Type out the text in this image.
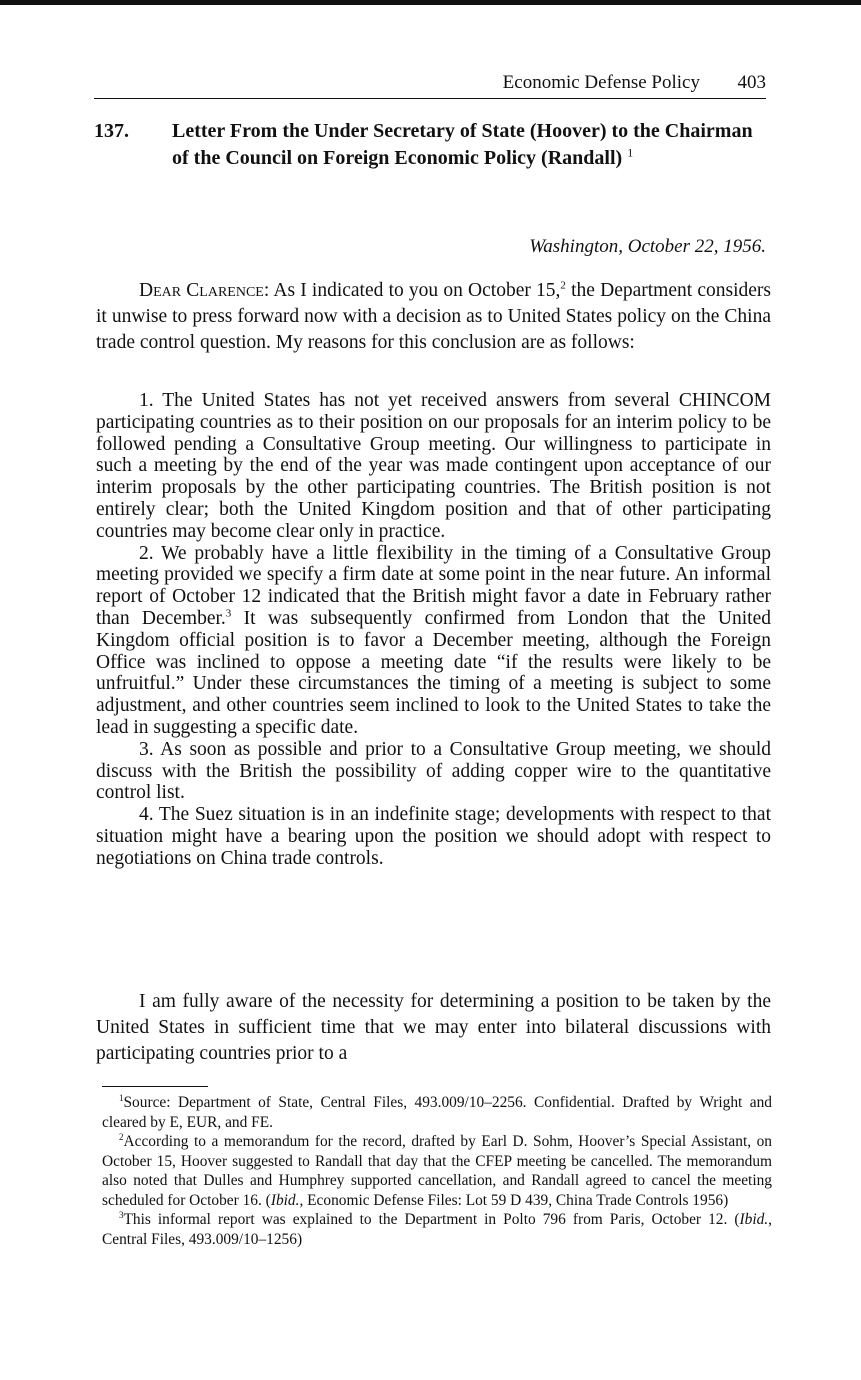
Economic Defense Policy 403
137. Letter From the Under Secretary of State (Hoover) to the Chairman of the Council on Foreign Economic Policy (Randall) $^1$
Washington, October 22, 1956.
Dear Clarence: As I indicated to you on October 15,$^2$ the Department considers it unwise to press forward now with a decision as to United States policy on the China trade control question. My reasons for this conclusion are as follows:

1. The United States has not yet received answers from several CHINCOM participating countries as to their position on our proposals for an interim policy to be followed pending a Consultative Group meeting. Our willingness to participate in such a meeting by the end of the year was made contingent upon acceptance of our interim proposals by the other participating countries. The British position is not entirely clear; both the United Kingdom position and that of other participating countries may become clear only in practice.

2. We probably have a little flexibility in the timing of a Consultative Group meeting provided we specify a firm date at some point in the near future. An informal report of October 12 indicated that the British might favor a date in February rather than December.$^3$ It was subsequently confirmed from London that the United Kingdom official position is to favor a December meeting, although the Foreign Office was inclined to oppose a meeting date “if the results were likely to be unfruitful.” Under these circumstances the timing of a meeting is subject to some adjustment, and other countries seem inclined to look to the United States to take the lead in suggesting a specific date.

3. As soon as possible and prior to a Consultative Group meeting, we should discuss with the British the possibility of adding copper wire to the quantitative control list.

4. The Suez situation is in an indefinite stage; developments with respect to that situation might have a bearing upon the position we should adopt with respect to negotiations on China trade controls.

I am fully aware of the necessity for determining a position to be taken by the United States in sufficient time that we may enter into bilateral discussions with participating countries prior to a

$^1$Source: Department of State, Central Files, 493.009/10–2256. Confidential. Drafted by Wright and cleared by E, EUR, and FE.

$^2$According to a memorandum for the record, drafted by Earl D. Sohm, Hoover’s Special Assistant, on October 15, Hoover suggested to Randall that day that the CFEP meeting be cancelled. The memorandum also noted that Dulles and Humphrey supported cancellation, and Randall agreed to cancel the meeting scheduled for October 16. (Ibid., Economic Defense Files: Lot 59 D 439, China Trade Controls 1956)

$^3$This informal report was explained to the Department in Polto 796 from Paris, October 12. (Ibid., Central Files, 493.009/10–1256)
